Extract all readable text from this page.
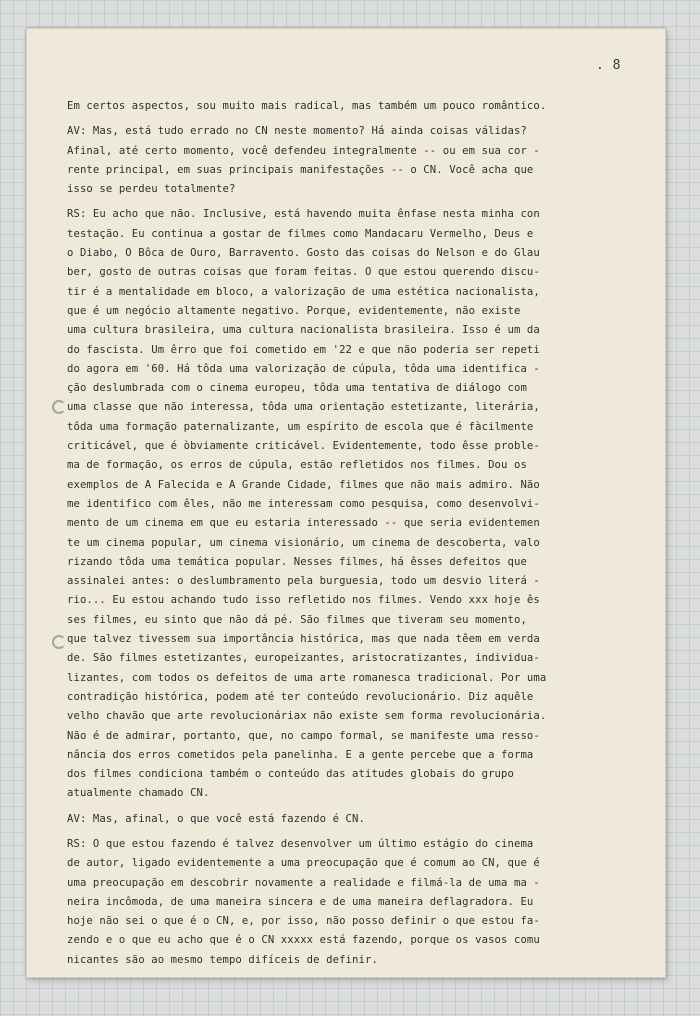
. 8
Em certos aspectos, sou muito mais radical, mas também um pouco romântico.
AV: Mas, está tudo errado no CN neste momento? Há ainda coisas válidas?
Afinal, até certo momento, você defendeu integralmente -- ou em sua cor -
rente principal, em suas principais manifestações -- o CN. Você acha que
isso se perdeu totalmente?
RS: Eu acho que não. Inclusive, está havendo muita ênfase nesta minha con
testação. Eu continua a gostar de filmes como Mandacaru Vermelho, Deus e
o Diabo, O Bôca de Ouro, Barravento. Gosto das coisas do Nelson e do Glau
ber, gosto de outras coisas que foram feitas. O que estou querendo discu-
tir é a mentalidade em bloco, a valorização de uma estética nacionalista,
que é um negócio altamente negativo. Porque, evidentemente, não existe
uma cultura brasileira, uma cultura nacionalista brasileira. Isso é um da
do fascista. Um êrro que foi cometido em '22 e que não poderia ser repeti
do agora em '60. Há tôda uma valorização de cúpula, tôda uma identifica -
ção deslumbrada com o cinema europeu, tôda uma tentativa de diálogo com
uma classe que não interessa, tôda uma orientação estetizante, literária,
tôda uma formação paternalizante, um espírito de escola que é fàcilmente
criticável, que é òbviamente criticável. Evidentemente, todo êsse proble-
ma de formação, os erros de cúpula, estão refletidos nos filmes. Dou os
exemplos de A Falecida e A Grande Cidade, filmes que não mais admiro. Não
me identifico com êles, não me interessam como pesquisa, como desenvolvi-
mento de um cinema em que eu estaria interessado -- que seria evidentemen
te um cinema popular, um cinema visionário, um cinema de descoberta, valo
rizando tôda uma temática popular. Nesses filmes, há êsses defeitos que
assinalei antes: o deslumbramento pela burguesia, todo um desvio literá -
rio... Eu estou achando tudo isso refletido nos filmes. Vendo xxx hoje ês
ses filmes, eu sinto que não dá pé. São filmes que tiveram seu momento,
que talvez tivessem sua importância histórica, mas que nada têem em verda
de. São filmes estetizantes, europeizantes, aristocratizantes, individua-
lizantes, com todos os defeitos de uma arte romanesca tradicional. Por uma
contradição histórica, podem até ter conteúdo revolucionário. Diz aquêle
velho chavão que arte revolucionáriax não existe sem forma revolucionária.
Não é de admirar, portanto, que, no campo formal, se manifeste uma resso-
nância dos erros cometidos pela panelinha. E a gente percebe que a forma
dos filmes condiciona também o conteúdo das atitudes globais do grupo
atualmente chamado CN.
AV: Mas, afinal, o que você está fazendo é CN.
RS: O que estou fazendo é talvez desenvolver um último estágio do cinema
de autor, ligado evidentemente a uma preocupação que é comum ao CN, que é
uma preocupação em descobrir novamente a realidade e filmá-la de uma ma -
neira incômoda, de uma maneira sincera e de uma maneira deflagradora. Eu
hoje não sei o que é o CN, e, por isso, não posso definir o que estou fa-
zendo e o que eu acho que é o CN xxxxx está fazendo, porque os vasos comu
nicantes são ao mesmo tempo difíceis de definir.
